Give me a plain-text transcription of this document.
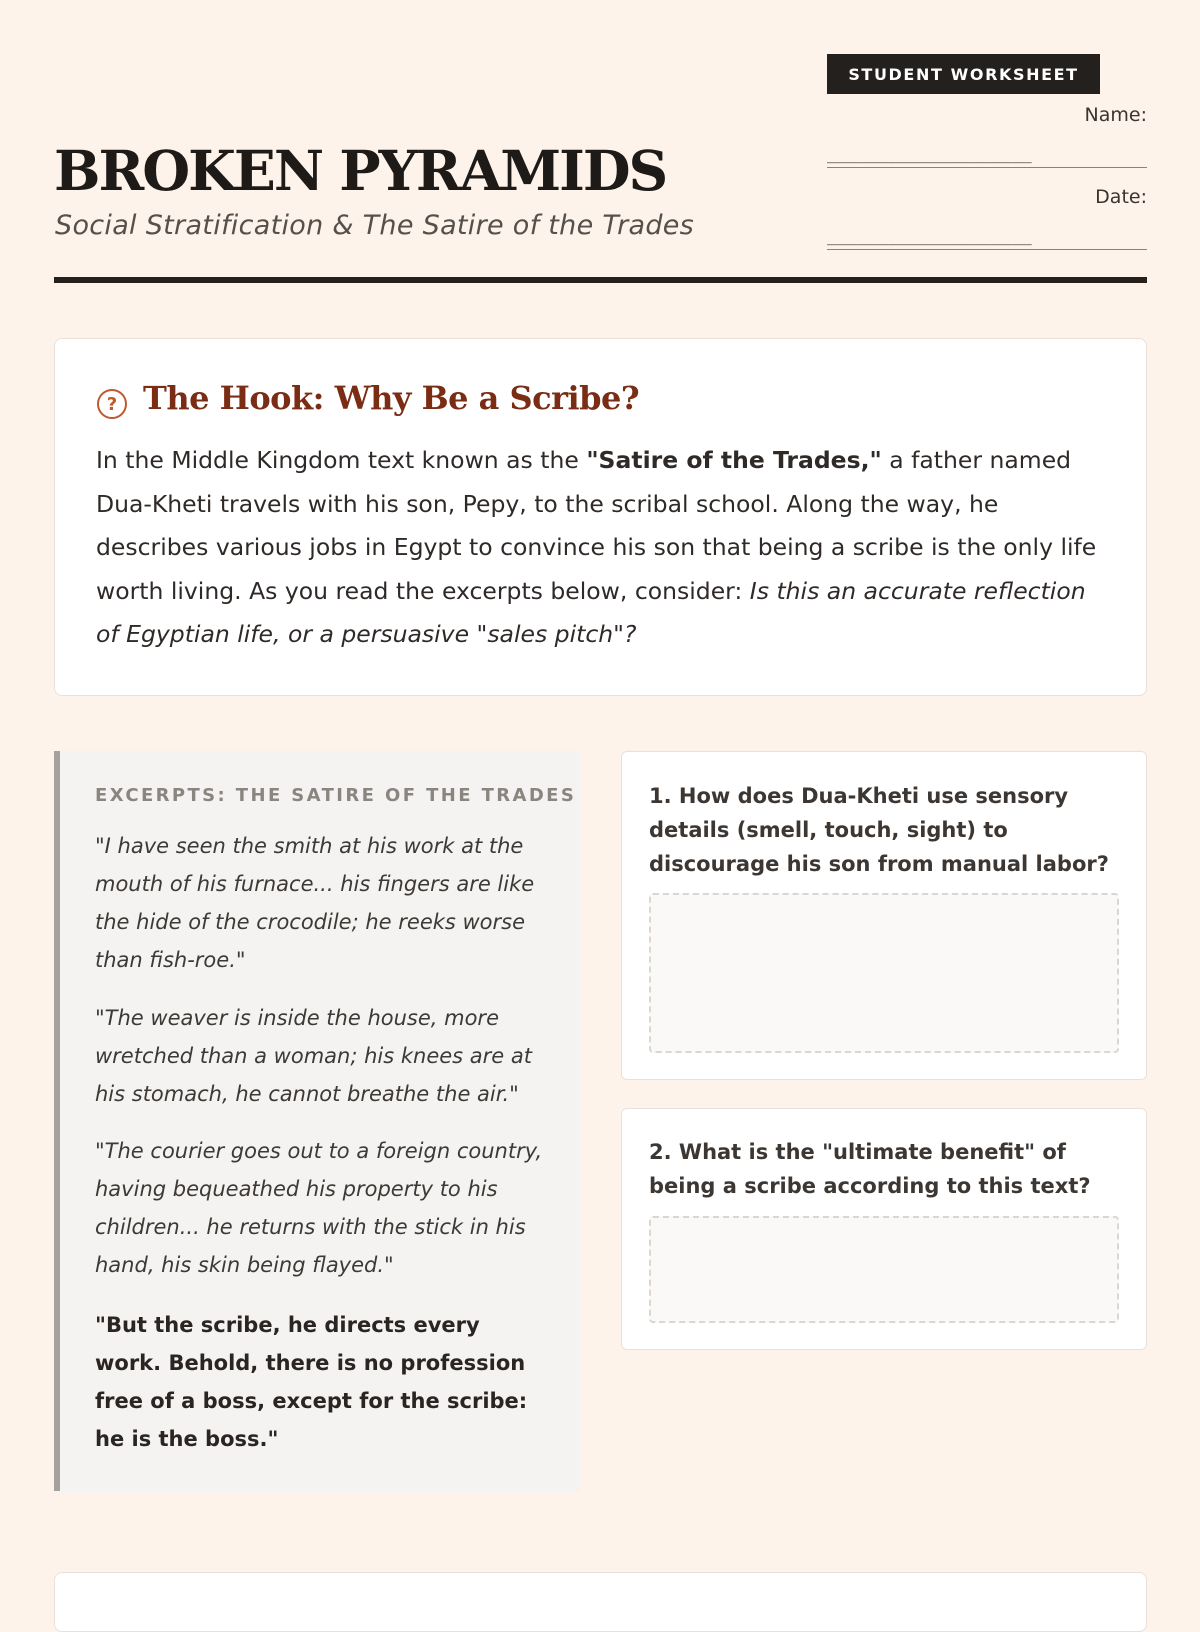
STUDENT WORKSHEET
Name:
____________________
Date:
____________________
BROKEN PYRAMIDS

Social Stratification & The Satire of the Trades

? The Hook: Why Be a Scribe?

In the Middle Kingdom text known as the "Satire of the Trades," a father named Dua-Kheti travels with his son, Pepy, to the scribal school. Along the way, he describes various jobs in Egypt to convince his son that being a scribe is the only life worth living. As you read the excerpts below, consider: Is this an accurate reflection of Egyptian life, or a persuasive "sales pitch"?

EXCERPTS: THE SATIRE OF THE TRADES

"I have seen the smith at his work at the mouth of his furnace... his fingers are like the hide of the crocodile; he reeks worse than fish-roe."

"The weaver is inside the house, more wretched than a woman; his knees are at his stomach, he cannot breathe the air."

"The courier goes out to a foreign country, having bequeathed his property to his children... he returns with the stick in his hand, his skin being flayed."

"But the scribe, he directs every work. Behold, there is no profession free of a boss, except for the scribe: he is the boss."

1. How does Dua-Kheti use sensory details (smell, touch, sight) to discourage his son from manual labor?

2. What is the "ultimate benefit" of being a scribe according to this text?
